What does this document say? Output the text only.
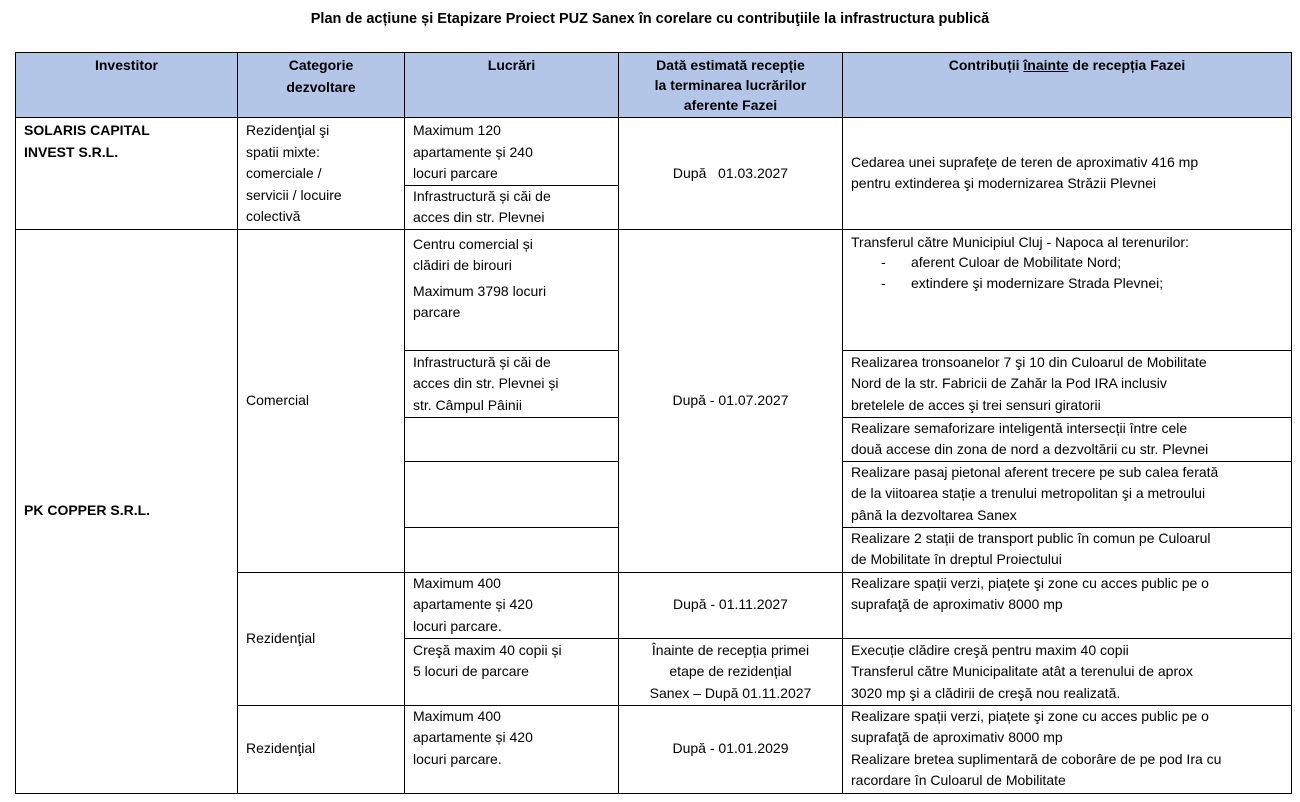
Plan de acțiune și Etapizare Proiect PUZ Sanex în corelare cu contribuţiile la infrastructura publică
Investitor	Categorie
dezvoltare	Lucrări	Dată estimată recepție
la terminarea lucrărilor
aferente Fazei	Contribuții înainte de recepția Fazei

SOLARIS CAPITAL
INVEST S.R.L.	Rezidenţial şi
spatii mixte:
comerciale /
servicii / locuire
colectivă	Maximum 120
apartamente și 240
locuri parcare	După   01.03.2027	Cedarea unei suprafețe de teren de aproximativ 416 mp
pentru extinderea şi modernizarea Străzii Plevnei

		Infrastructură și căi de
acces din str. Plevnei		

PK COPPER S.R.L.	Comercial	Centru comercial și
clădiri de birouri
Maximum 3798 locuri
parcare	După - 01.07.2027	Transferul către Municipiul Cluj - Napoca al terenurilor:
- aferent Culoar de Mobilitate Nord;
- extindere şi modernizare Strada Plevnei;

		Infrastructură și căi de
acces din str. Plevnei și
str. Câmpul Pâinii		Realizarea tronsoanelor 7 şi 10 din Culoarul de Mobilitate
Nord de la str. Fabricii de Zahăr la Pod IRA inclusiv
bretelele de acces şi trei sensuri giratorii

				Realizare semaforizare inteligentă intersecții între cele
două accese din zona de nord a dezvoltării cu str. Plevnei

				Realizare pasaj pietonal aferent trecere pe sub calea ferată
de la viitoarea stație a trenului metropolitan şi a metroului
până la dezvoltarea Sanex

				Realizare 2 stații de transport public în comun pe Culoarul
de Mobilitate în dreptul Proiectului

	Rezidenţial	Maximum 400
apartamente și 420
locuri parcare.	După - 01.11.2027	Realizare spații verzi, piațete şi zone cu acces public pe o
suprafaţă de aproximativ 8000 mp

		Creşă maxim 40 copii și
5 locuri de parcare	Înainte de recepția primei
etape de rezidențial
Sanex – După 01.11.2027	Execuție clădire creşă pentru maxim 40 copii
Transferul către Municipalitate atât a terenului de aprox
3020 mp şi a clădirii de creşă nou realizată.

	Rezidenţial	Maximum 400
apartamente și 420
locuri parcare.	După - 01.01.2029	Realizare spații verzi, piațete şi zone cu acces public pe o
suprafaţă de aproximativ 8000 mp
Realizare bretea suplimentară de coborâre de pe pod Ira cu
racordare în Culoarul de Mobilitate
